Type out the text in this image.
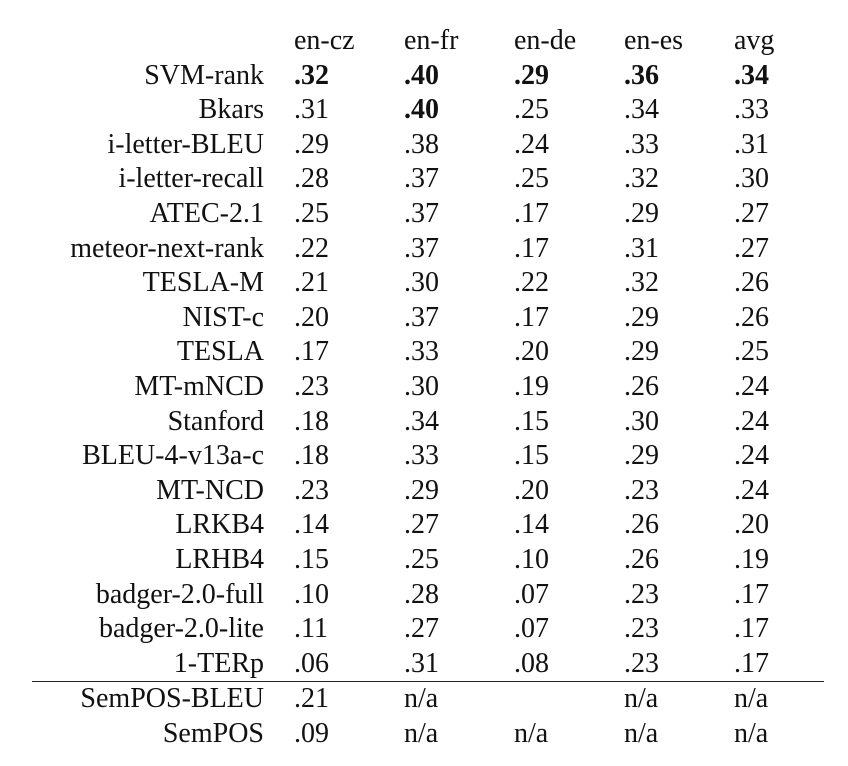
	en-cz	en-fr	en-de	en-es	avg
SVM-rank	.32	.40	.29	.36	.34
Bkars	.31	.40	.25	.34	.33
i-letter-BLEU	.29	.38	.24	.33	.31
i-letter-recall	.28	.37	.25	.32	.30
ATEC-2.1	.25	.37	.17	.29	.27
meteor-next-rank	.22	.37	.17	.31	.27
TESLA-M	.21	.30	.22	.32	.26
NIST-c	.20	.37	.17	.29	.26
TESLA	.17	.33	.20	.29	.25
MT-mNCD	.23	.30	.19	.26	.24
Stanford	.18	.34	.15	.30	.24
BLEU-4-v13a-c	.18	.33	.15	.29	.24
MT-NCD	.23	.29	.20	.23	.24
LRKB4	.14	.27	.14	.26	.20
LRHB4	.15	.25	.10	.26	.19
badger-2.0-full	.10	.28	.07	.23	.17
badger-2.0-lite	.11	.27	.07	.23	.17
1-TERp	.06	.31	.08	.23	.17
SemPOS-BLEU	.21	n/a		n/a	n/a
SemPOS	.09	n/a	n/a	n/a	n/a
